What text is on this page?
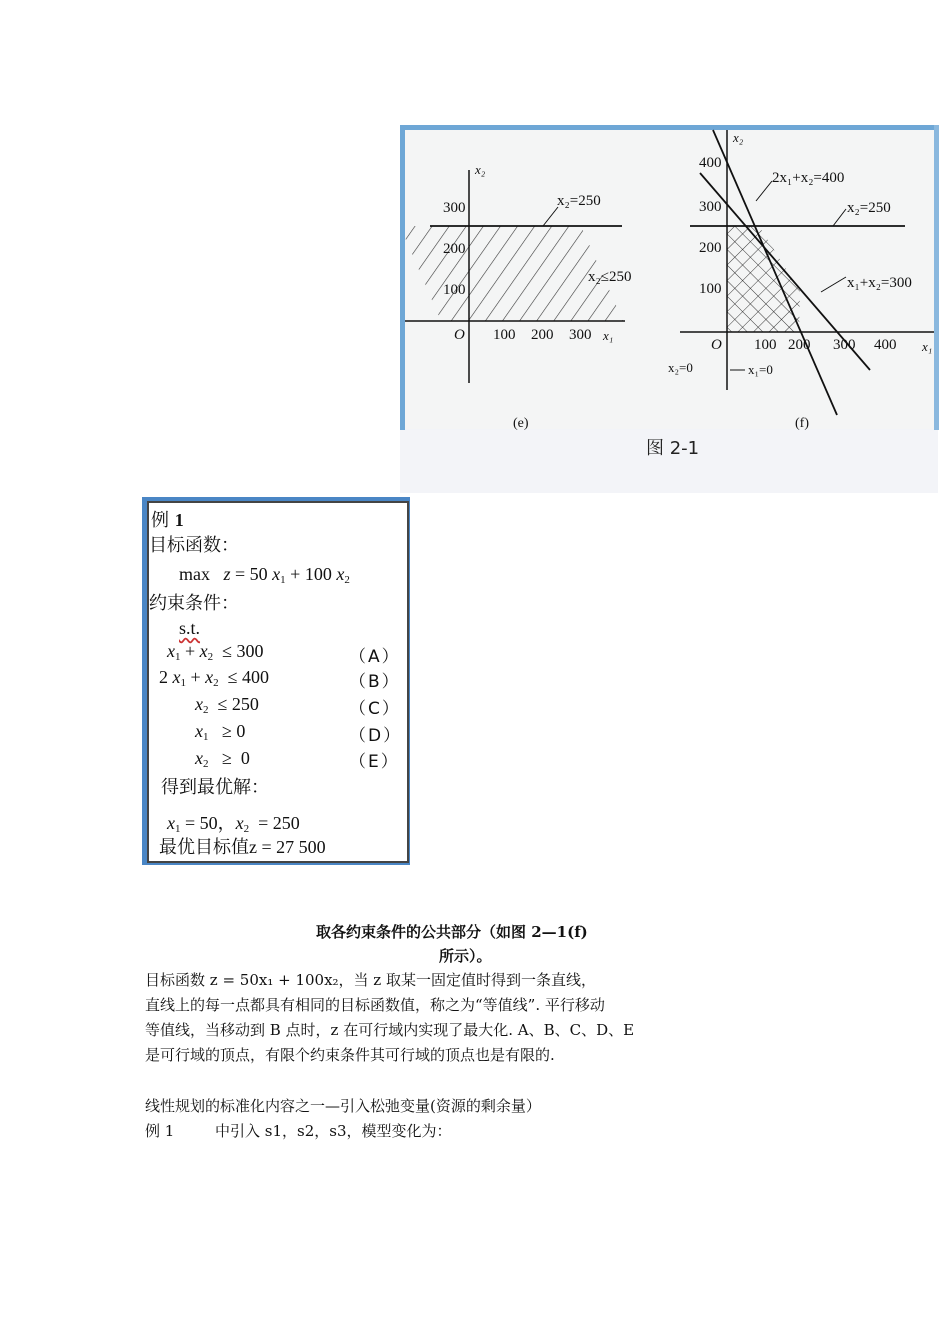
x₂
x₁
300
200
100
100 200 300
O
x₂=250
x₂≤250
(e)
x₂
x₁
400
300
200
100
100 200 300 400
O
2x₁+x₂=400
x₂=250
x₁+x₂=300
x₂=0	x₁=0
(f)
图 2-1
例 1
目标函数：
max   z = 50 $x_1 + 100$ $x_2$
约束条件：
s.t.
$x_1 + x_2 \le 300$	（A）
2 $x_1 + x_2 \le 400$	（B）
$x_2 \le 250$	（C）
$x_1 \ge 0$	（D）
$x_2 \ge 0$	（E）
得到最优解：
$x_1 = 50$，$x_2 = 250$
最优目标值z = 27 500
取各约束条件的公共部分（如图 2—1(f)
所示）。
目标函数 z = 50x₁ + 100x₂，当 z 取某一固定值时得到一条直线，
直线上的每一点都具有相同的目标函数值，称之为“等值线”. 平行移动
等值线，当移动到 B 点时，z 在可行域内实现了最大化. A、B、C、D、E
是可行域的顶点，有限个约束条件其可行域的顶点也是有限的.
线性规划的标准化内容之一—引入松弛变量(资源的剩余量）
例 1	中引入 s1，s2，s3，模型变化为：
